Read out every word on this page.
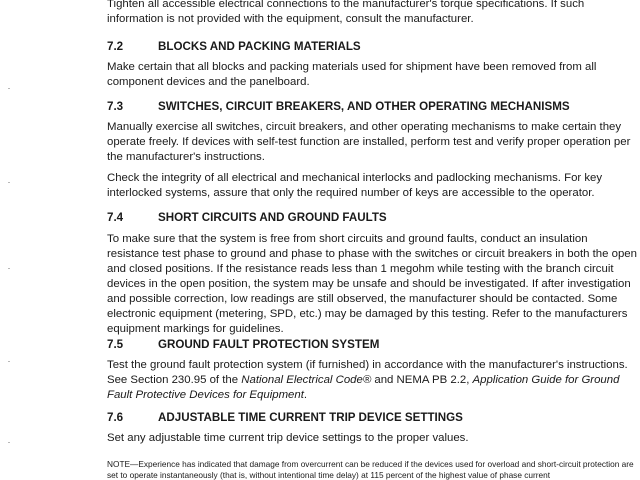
Tighten all accessible electrical connections to the manufacturer's torque specifications. If such information is not provided with the equipment, consult the manufacturer.

7.2	BLOCKS AND PACKING MATERIALS

Make certain that all blocks and packing materials used for shipment have been removed from all component devices and the panelboard.

7.3	SWITCHES, CIRCUIT BREAKERS, AND OTHER OPERATING MECHANISMS

Manually exercise all switches, circuit breakers, and other operating mechanisms to make certain they operate freely. If devices with self-test function are installed, perform test and verify proper operation per the manufacturer's instructions.

Check the integrity of all electrical and mechanical interlocks and padlocking mechanisms. For key interlocked systems, assure that only the required number of keys are accessible to the operator.

7.4	SHORT CIRCUITS AND GROUND FAULTS

To make sure that the system is free from short circuits and ground faults, conduct an insulation resistance test phase to ground and phase to phase with the switches or circuit breakers in both the open and closed positions. If the resistance reads less than 1 megohm while testing with the branch circuit devices in the open position, the system may be unsafe and should be investigated. If after investigation and possible correction, low readings are still observed, the manufacturer should be contacted. Some electronic equipment (metering, SPD, etc.) may be damaged by this testing. Refer to the manufacturers equipment markings for guidelines.

7.5	GROUND FAULT PROTECTION SYSTEM

Test the ground fault protection system (if furnished) in accordance with the manufacturer's instructions. See Section 230.95 of the National Electrical Code® and NEMA PB 2.2, Application Guide for Ground Fault Protective Devices for Equipment.

7.6	ADJUSTABLE TIME CURRENT TRIP DEVICE SETTINGS

Set any adjustable time current trip device settings to the proper values.

NOTE—Experience has indicated that damage from overcurrent can be reduced if the devices used for overload and short-circuit protection are set to operate instantaneously (that is, without intentional time delay) at 115 percent of the highest value of phase current
